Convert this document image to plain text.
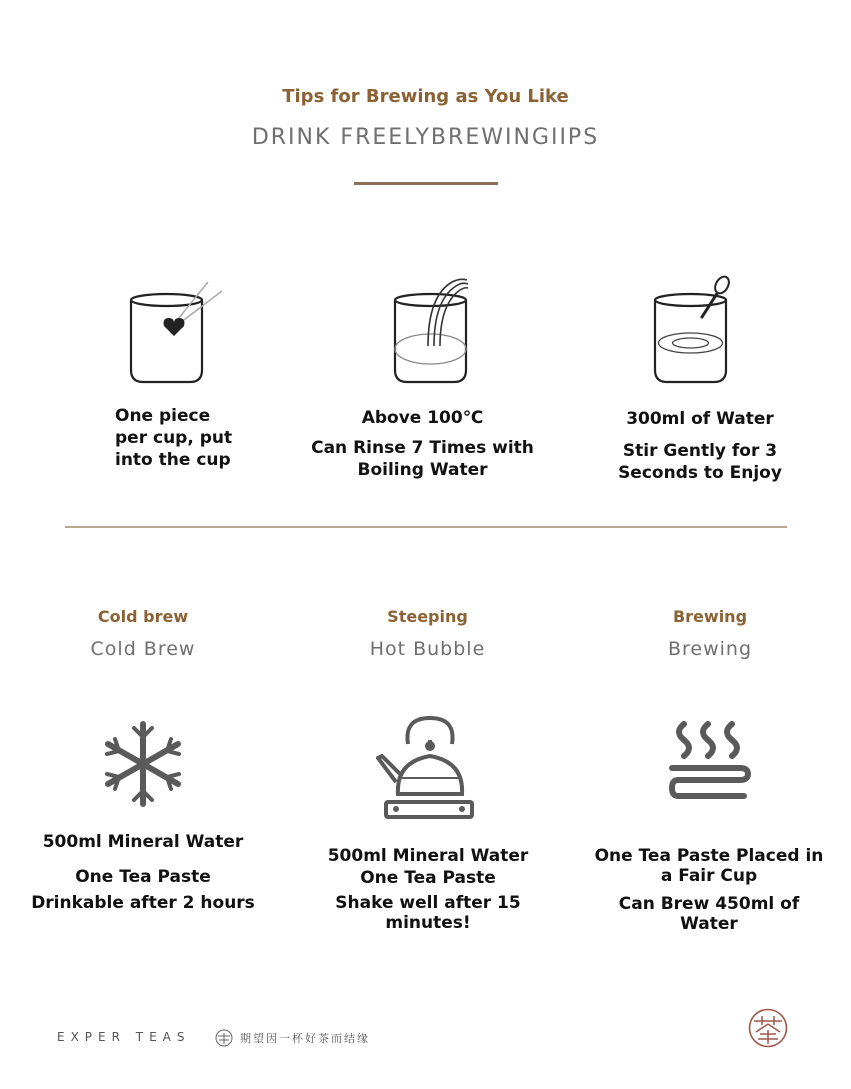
Tips for Brewing as You Like
DRINK FREELYBREWINGIIPS
One piece
per cup, put
into the cup
Above 100℃
Can Rinse 7 Times with
Boiling Water
300ml of Water
Stir Gently for 3
Seconds to Enjoy
Cold brew
Cold Brew
Steeping
Hot Bubble
Brewing
Brewing
500ml Mineral Water
One Tea Paste
Drinkable after 2 hours
500ml Mineral Water
One Tea Paste
Shake well after 15 minutes!
One Tea Paste Placed in
a Fair Cup
Can Brew 450ml of Water
EXPER TEAS	期望因一杯好茶而结缘
